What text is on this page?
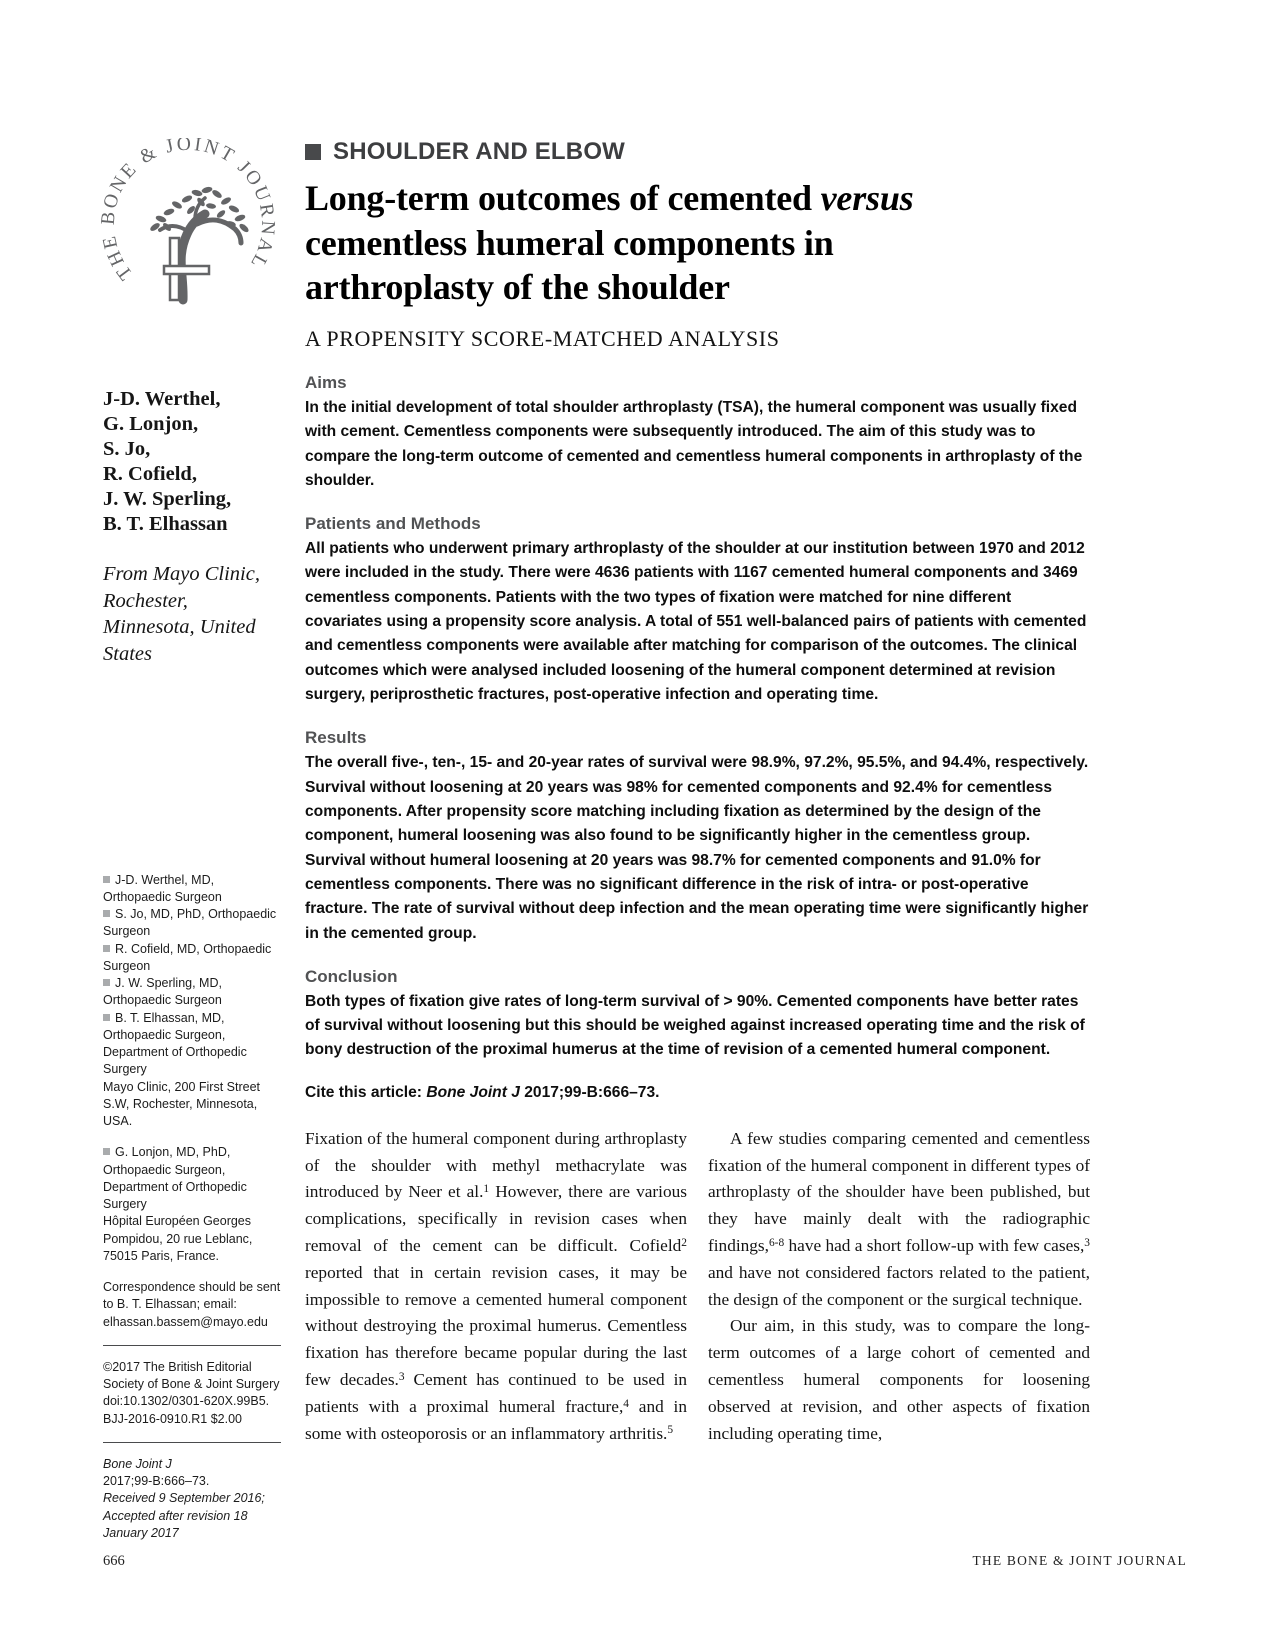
THE BONE & JOINT JOURNAL
J-D. Werthel,
G. Lonjon,
S. Jo,
R. Cofield,
J. W. Sperling,
B. T. Elhassan
From Mayo Clinic, Rochester, Minnesota, United States
J-D. Werthel, MD, Orthopaedic Surgeon
S. Jo, MD, PhD, Orthopaedic Surgeon
R. Cofield, MD, Orthopaedic Surgeon
J. W. Sperling, MD, Orthopaedic Surgeon
B. T. Elhassan, MD, Orthopaedic Surgeon, Department of Orthopedic Surgery
Mayo Clinic, 200 First Street S.W, Rochester, Minnesota, USA.
G. Lonjon, MD, PhD, Orthopaedic Surgeon, Department of Orthopedic Surgery
Hôpital Européen Georges Pompidou, 20 rue Leblanc, 75015 Paris, France.
Correspondence should be sent to B. T. Elhassan; email: elhassan.bassem@mayo.edu
©2017 The British Editorial Society of Bone & Joint Surgery
doi:10.1302/0301-620X.99B5.
BJJ-2016-0910.R1 $2.00
Bone Joint J
2017;99-B:666–73.
Received 9 September 2016;
Accepted after revision 18 January 2017
SHOULDER AND ELBOW
Long-term outcomes of cemented versus cementless humeral components in arthroplasty of the shoulder
A PROPENSITY SCORE-MATCHED ANALYSIS
Aims

In the initial development of total shoulder arthroplasty (TSA), the humeral component was usually fixed with cement. Cementless components were subsequently introduced. The aim of this study was to compare the long-term outcome of cemented and cementless humeral components in arthroplasty of the shoulder.

Patients and Methods

All patients who underwent primary arthroplasty of the shoulder at our institution between 1970 and 2012 were included in the study. There were 4636 patients with 1167 cemented humeral components and 3469 cementless components. Patients with the two types of fixation were matched for nine different covariates using a propensity score analysis. A total of 551 well-balanced pairs of patients with cemented and cementless components were available after matching for comparison of the outcomes. The clinical outcomes which were analysed included loosening of the humeral component determined at revision surgery, periprosthetic fractures, post-operative infection and operating time.

Results

The overall five-, ten-, 15- and 20-year rates of survival were 98.9%, 97.2%, 95.5%, and 94.4%, respectively. Survival without loosening at 20 years was 98% for cemented components and 92.4% for cementless components. After propensity score matching including fixation as determined by the design of the component, humeral loosening was also found to be significantly higher in the cementless group. Survival without humeral loosening at 20 years was 98.7% for cemented components and 91.0% for cementless components. There was no significant difference in the risk of intra- or post-operative fracture. The rate of survival without deep infection and the mean operating time were significantly higher in the cemented group.

Conclusion

Both types of fixation give rates of long-term survival of > 90%. Cemented components have better rates of survival without loosening but this should be weighed against increased operating time and the risk of bony destruction of the proximal humerus at the time of revision of a cemented humeral component.

Cite this article: Bone Joint J 2017;99-B:666–73.

Fixation of the humeral component during arthroplasty of the shoulder with methyl methacrylate was introduced by Neer et al.$^1$ However, there are various complications, specifically in revision cases when removal of the cement can be difficult. Cofield$^2$ reported that in certain revision cases, it may be impossible to remove a cemented humeral component without destroying the proximal humerus. Cementless fixation has therefore became popular during the last few decades.$^3$ Cement has continued to be used in patients with a proximal humeral fracture,$^4$ and in some with osteoporosis or an inflammatory arthritis.$^5$

A few studies comparing cemented and cementless fixation of the humeral component in different types of arthroplasty of the shoulder have been published, but they have mainly dealt with the radiographic findings,$^{6-8}$ have had a short follow-up with few cases,$^3$ and have not considered factors related to the patient, the design of the component or the surgical technique.

Our aim, in this study, was to compare the long-term outcomes of a large cohort of cemented and cementless humeral components for loosening observed at revision, and other aspects of fixation including operating time,

666	THE BONE & JOINT JOURNAL
